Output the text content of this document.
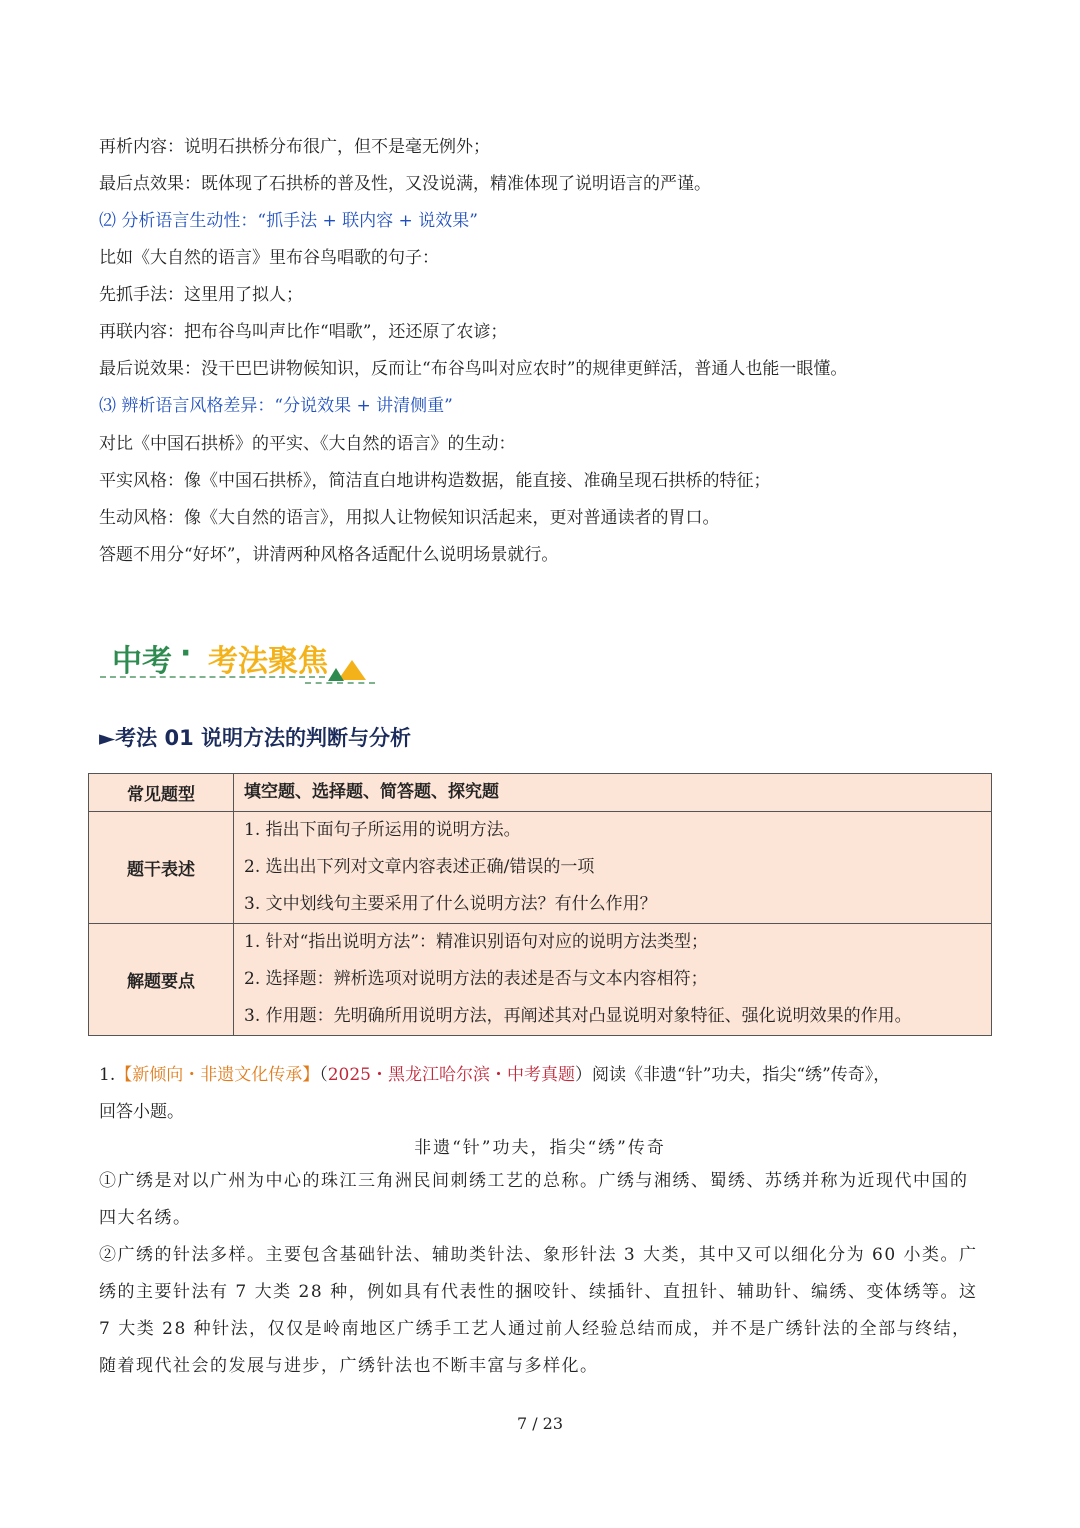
再析内容：说明石拱桥分布很广，但不是毫无例外；
最后点效果：既体现了石拱桥的普及性，又没说满，精准体现了说明语言的严谨。
⑵ 分析语言生动性：“抓手法 + 联内容 + 说效果”
比如《大自然的语言》里布谷鸟唱歌的句子：
先抓手法：这里用了拟人；
再联内容：把布谷鸟叫声比作“唱歌”，还还原了农谚；
最后说效果：没干巴巴讲物候知识，反而让“布谷鸟叫对应农时”的规律更鲜活，普通人也能一眼懂。
⑶ 辨析语言风格差异：“分说效果 + 讲清侧重”
对比《中国石拱桥》的平实、《大自然的语言》的生动：
平实风格：像《中国石拱桥》，简洁直白地讲构造数据，能直接、准确呈现石拱桥的特征；
生动风格：像《大自然的语言》，用拟人让物候知识活起来，更对普通读者的胃口。
答题不用分“好坏”，讲清两种风格各适配什么说明场景就行。
中考 · 考法聚焦
►考法 01 说明方法的判断与分析
常见题型	填空题、选择题、简答题、探究题

题干表述	1. 指出下面句子所运用的说明方法。
2. 选出出下列对文章内容表述正确/错误的一项
3. 文中划线句主要采用了什么说明方法？有什么作用？

解题要点	1. 针对“指出说明方法”：精准识别语句对应的说明方法类型；
2. 选择题：辨析选项对说明方法的表述是否与文本内容相符；
3. 作用题：先明确所用说明方法，再阐述其对凸显说明对象特征、强化说明效果的作用。
1.【新倾向・非遗文化传承】（2025・黑龙江哈尔滨・中考真题）阅读《非遗“针”功夫，指尖“绣”传奇》，
回答小题。
非遗“针”功夫，指尖“绣”传奇
①广绣是对以广州为中心的珠江三角洲民间刺绣工艺的总称。广绣与湘绣、蜀绣、苏绣并称为近现代中国的四大名绣。
②广绣的针法多样。主要包含基础针法、辅助类针法、象形针法 3 大类，其中又可以细化分为 60 小类。广绣的主要针法有 7 大类 28 种，例如具有代表性的捆咬针、续插针、直扭针、辅助针、编绣、变体绣等。这 7 大类 28 种针法，仅仅是岭南地区广绣手工艺人通过前人经验总结而成，并不是广绣针法的全部与终结，随着现代社会的发展与进步，广绣针法也不断丰富与多样化。
7 / 23
